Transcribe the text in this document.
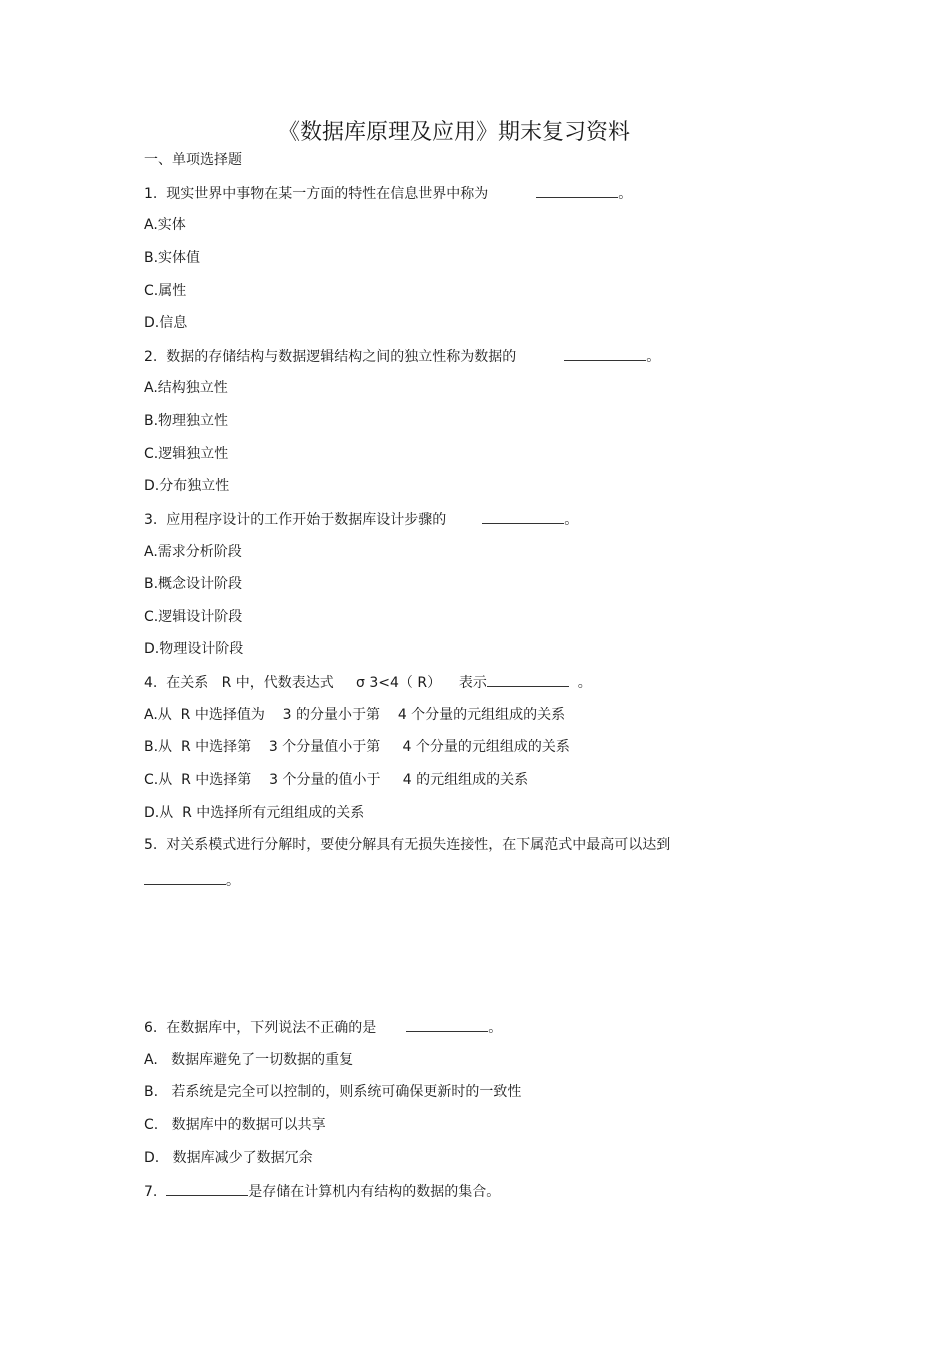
《数据库原理及应用》期末复习资料
一、单项选择题
1.  现实世界中事物在某一方面的特性在信息世界中称为	。
A.实体
B.实体值
C.属性
D.信息
2.  数据的存储结构与数据逻辑结构之间的独立性称为数据的	。
A.结构独立性
B.物理独立性
C.逻辑独立性
D.分布独立性
3.  应用程序设计的工作开始于数据库设计步骤的	。
A.需求分析阶段
B.概念设计阶段
C.逻辑设计阶段
D.物理设计阶段
4.  在关系   R 中，代数表达式     σ 3<4（ R）    表示	。
A.从  R 中选择值为    3 的分量小于第    4 个分量的元组组成的关系
B.从  R 中选择第    3 个分量值小于第     4 个分量的元组组成的关系
C.从  R 中选择第    3 个分量的值小于     4 的元组组成的关系
D.从  R 中选择所有元组组成的关系
5.  对关系模式进行分解时，要使分解具有无损失连接性，在下属范式中最高可以达到
。
6.  在数据库中，下列说法不正确的是	。
A.   数据库避免了一切数据的重复
B.   若系统是完全可以控制的，则系统可确保更新时的一致性
C.   数据库中的数据可以共享
D.   数据库减少了数据冗余
7.	是存储在计算机内有结构的数据的集合。
